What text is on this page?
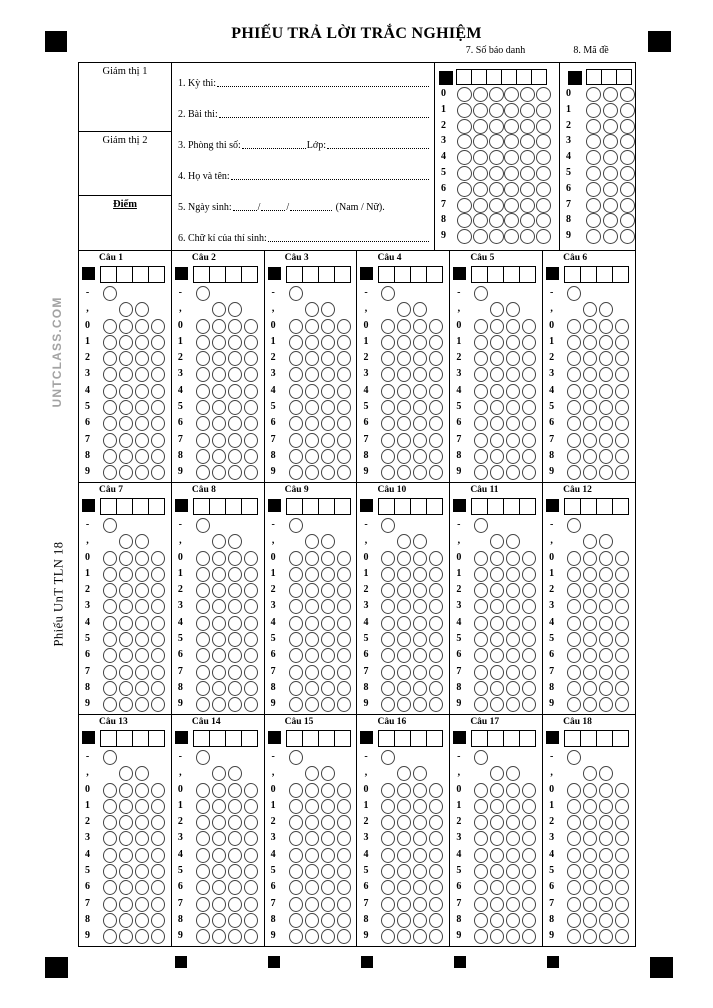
PHIẾU TRẢ LỜI TRẮC NGHIỆM
7. Số báo danh	8. Mã đề
UNTCLASS.COM
Phiếu UnT TLN 18
Giám thị 1
Giám thị 2
Điểm
1. Kỳ thi:
2. Bài thi:
3. Phòng thi số:	Lớp:
4. Họ và tên:
5. Ngày sinh:	/	/	(Nam / Nữ).
6. Chữ kí của thí sinh:
0
1
2
3
4
5
6
7
8
9
0
1
2
3
4
5
6
7
8
9
Câu 1
-
,
0
1
2
3
4
5
6
7
8
9
Câu 2
-
,
0
1
2
3
4
5
6
7
8
9
Câu 3
-
,
0
1
2
3
4
5
6
7
8
9
Câu 4
-
,
0
1
2
3
4
5
6
7
8
9
Câu 5
-
,
0
1
2
3
4
5
6
7
8
9
Câu 6
-
,
0
1
2
3
4
5
6
7
8
9
Câu 7
-
,
0
1
2
3
4
5
6
7
8
9
Câu 8
-
,
0
1
2
3
4
5
6
7
8
9
Câu 9
-
,
0
1
2
3
4
5
6
7
8
9
Câu 10
-
,
0
1
2
3
4
5
6
7
8
9
Câu 11
-
,
0
1
2
3
4
5
6
7
8
9
Câu 12
-
,
0
1
2
3
4
5
6
7
8
9
Câu 13
-
,
0
1
2
3
4
5
6
7
8
9
Câu 14
-
,
0
1
2
3
4
5
6
7
8
9
Câu 15
-
,
0
1
2
3
4
5
6
7
8
9
Câu 16
-
,
0
1
2
3
4
5
6
7
8
9
Câu 17
-
,
0
1
2
3
4
5
6
7
8
9
Câu 18
-
,
0
1
2
3
4
5
6
7
8
9
